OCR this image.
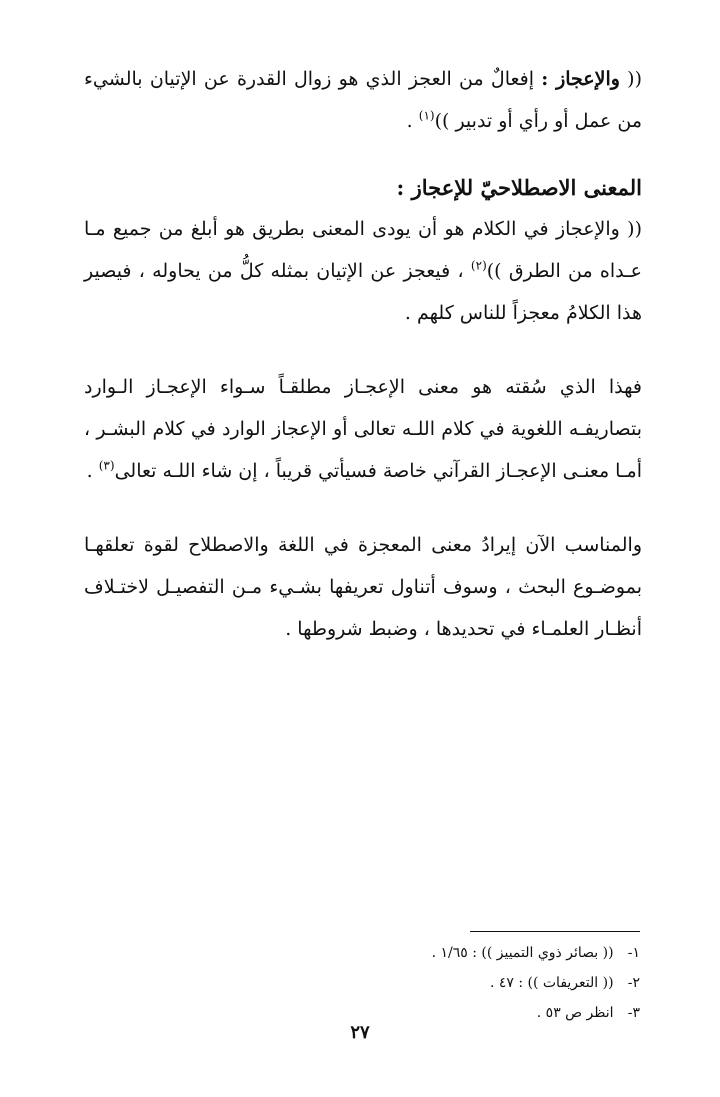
(( والإعجاز : إفعالٌ من العجز الذي هو زوال القدرة عن الإتيان بالشيء من عمل أو رأي أو تدبير ))$^{(١)}$ .

المعنى الاصطلاحيّ للإعجاز :

(( والإعجاز في الكلام هو أن يودى المعنى بطريق هو أبلغ من جميع مـا عـداه من الطرق ))$^{(٢)}$ ، فيعجز عن الإتيان بمثله كلُّ من يحاوله ، فيصير هذا الكلامُ معجزاً للناس كلهم .

فهذا الذي سُقته هو معنى الإعجـاز مطلقـاً سـواء الإعجـاز الـوارد بتصاريفـه اللغوية في كلام اللـه تعالى أو الإعجاز الوارد في كلام البشـر ، أمـا معنـى الإعجـاز القرآني خاصة فسيأتي قريباً ، إن شاء اللـه تعالى$^{(٣)}$ .

والمناسب الآن إيرادُ معنى المعجزة في اللغة والاصطلاح لقوة تعلقهـا بموضـوع البحث ، وسوف أتناول تعريفها بشـيء مـن التفصيـل لاختـلاف أنظـار العلمـاء في تحديدها ، وضبط شروطها .

١- (( بصائر ذوي التمييز )) : ١/٦٥ .

٢- (( التعريفات )) : ٤٧ .

٣- انظر ص ٥٣ .

٢٧
